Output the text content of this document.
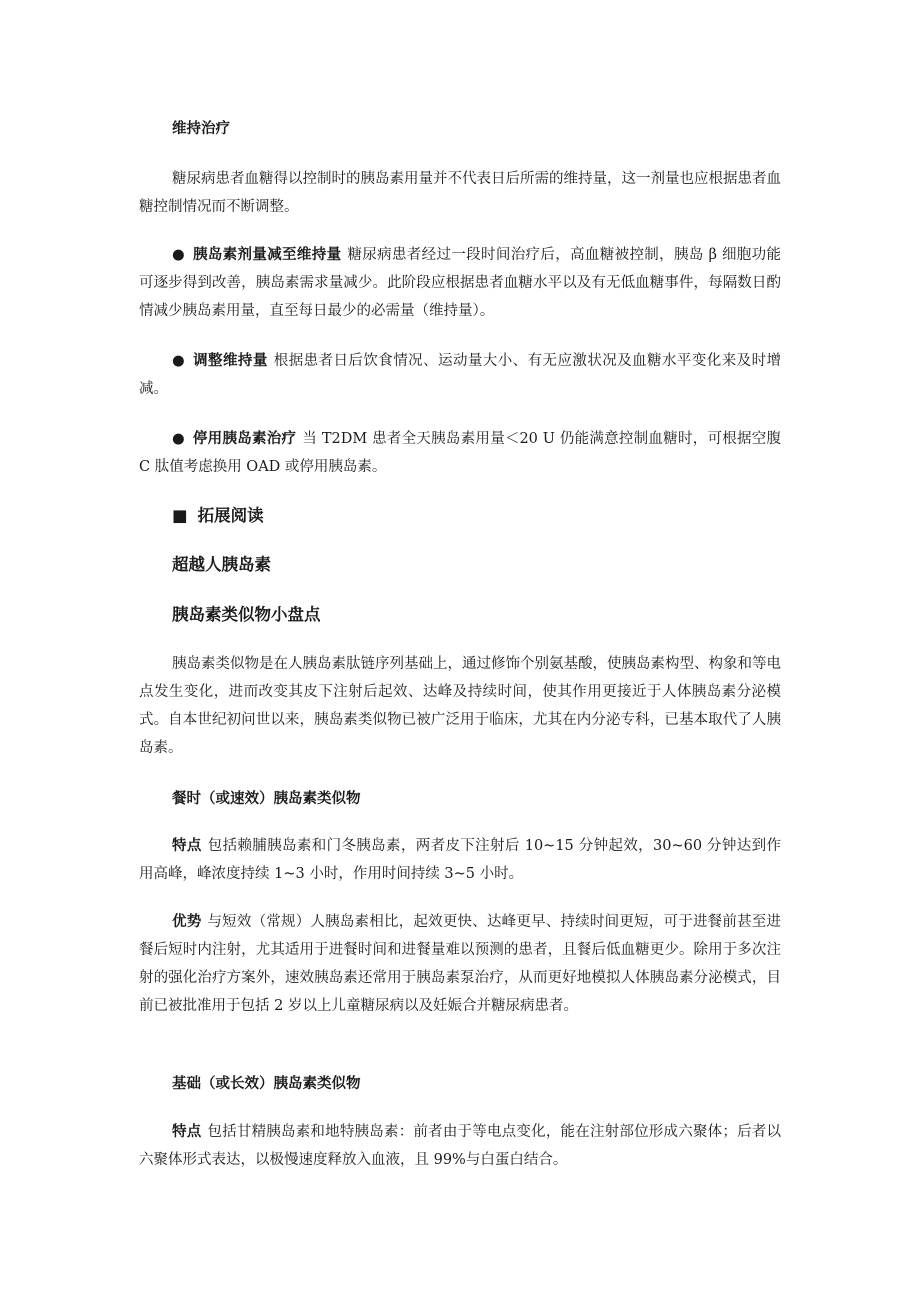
维持治疗

糖尿病患者血糖得以控制时的胰岛素用量并不代表日后所需的维持量，这一剂量也应根据患者血糖控制情况而不断调整。

● 胰岛素剂量减至维持量 糖尿病患者经过一段时间治疗后，高血糖被控制，胰岛 β 细胞功能可逐步得到改善，胰岛素需求量减少。此阶段应根据患者血糖水平以及有无低血糖事件，每隔数日酌情减少胰岛素用量，直至每日最少的必需量（维持量）。

● 调整维持量 根据患者日后饮食情况、运动量大小、有无应激状况及血糖水平变化来及时增减。

● 停用胰岛素治疗 当 T2DM 患者全天胰岛素用量＜20 U 仍能满意控制血糖时，可根据空腹 C 肽值考虑换用 OAD 或停用胰岛素。

■ 拓展阅读

超越人胰岛素

胰岛素类似物小盘点

胰岛素类似物是在人胰岛素肽链序列基础上，通过修饰个别氨基酸，使胰岛素构型、构象和等电点发生变化，进而改变其皮下注射后起效、达峰及持续时间，使其作用更接近于人体胰岛素分泌模式。自本世纪初问世以来，胰岛素类似物已被广泛用于临床，尤其在内分泌专科，已基本取代了人胰岛素。

餐时（或速效）胰岛素类似物

特点 包括赖脯胰岛素和门冬胰岛素，两者皮下注射后 10~15 分钟起效，30~60 分钟达到作用高峰，峰浓度持续 1~3 小时，作用时间持续 3~5 小时。

优势 与短效（常规）人胰岛素相比，起效更快、达峰更早、持续时间更短，可于进餐前甚至进餐后短时内注射，尤其适用于进餐时间和进餐量难以预测的患者，且餐后低血糖更少。除用于多次注射的强化治疗方案外，速效胰岛素还常用于胰岛素泵治疗，从而更好地模拟人体胰岛素分泌模式，目前已被批准用于包括 2 岁以上儿童糖尿病以及妊娠合并糖尿病患者。

基础（或长效）胰岛素类似物

特点 包括甘精胰岛素和地特胰岛素：前者由于等电点变化，能在注射部位形成六聚体；后者以六聚体形式表达，以极慢速度释放入血液，且 99%与白蛋白结合。
